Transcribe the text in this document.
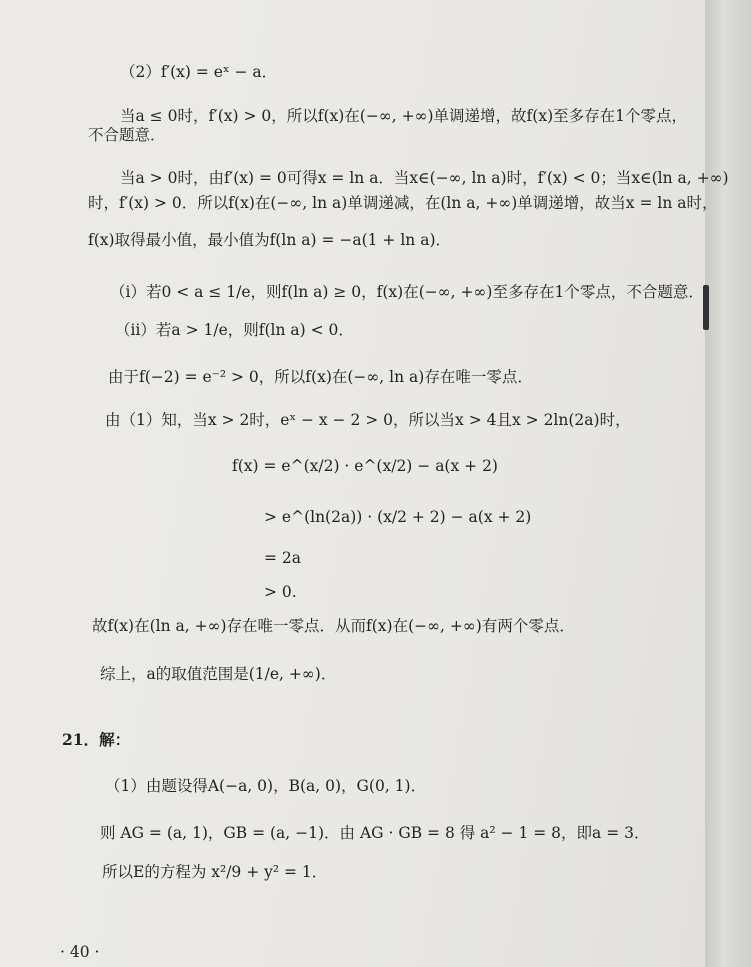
（2）f′(x) = eˣ − a．
当a ≤ 0时，f′(x) > 0，所以f(x)在(−∞, +∞)单调递增，故f(x)至多存在1个零点，
不合题意．
当a > 0时，由f′(x) = 0可得x = ln a．当x∈(−∞, ln a)时，f′(x) < 0；当x∈(ln a, +∞)
时，f′(x) > 0．所以f(x)在(−∞, ln a)单调递减，在(ln a, +∞)单调递增，故当x = ln a时，
f(x)取得最小值，最小值为f(ln a) = −a(1 + ln a)．
（ⅰ）若0 < a ≤ 1/e，则f(ln a) ≥ 0，f(x)在(−∞, +∞)至多存在1个零点，不合题意．
（ⅱ）若a > 1/e，则f(ln a) < 0．
由于f(−2) = e⁻² > 0，所以f(x)在(−∞, ln a)存在唯一零点．
由（1）知，当x > 2时，eˣ − x − 2 > 0，所以当x > 4且x > 2ln(2a)时，
f(x) = e^(x/2) · e^(x/2) − a(x + 2)
> e^(ln(2a)) · (x/2 + 2) − a(x + 2)
= 2a
> 0.
故f(x)在(ln a, +∞)存在唯一零点．从而f(x)在(−∞, +∞)有两个零点．
综上，a的取值范围是(1/e, +∞)．
21．解：
（1）由题设得A(−a, 0)，B(a, 0)，G(0, 1)．
则 AG = (a, 1)，GB = (a, −1)．由 AG · GB = 8 得 a² − 1 = 8，即a = 3．
所以E的方程为 x²/9 + y² = 1．
· 40 ·
